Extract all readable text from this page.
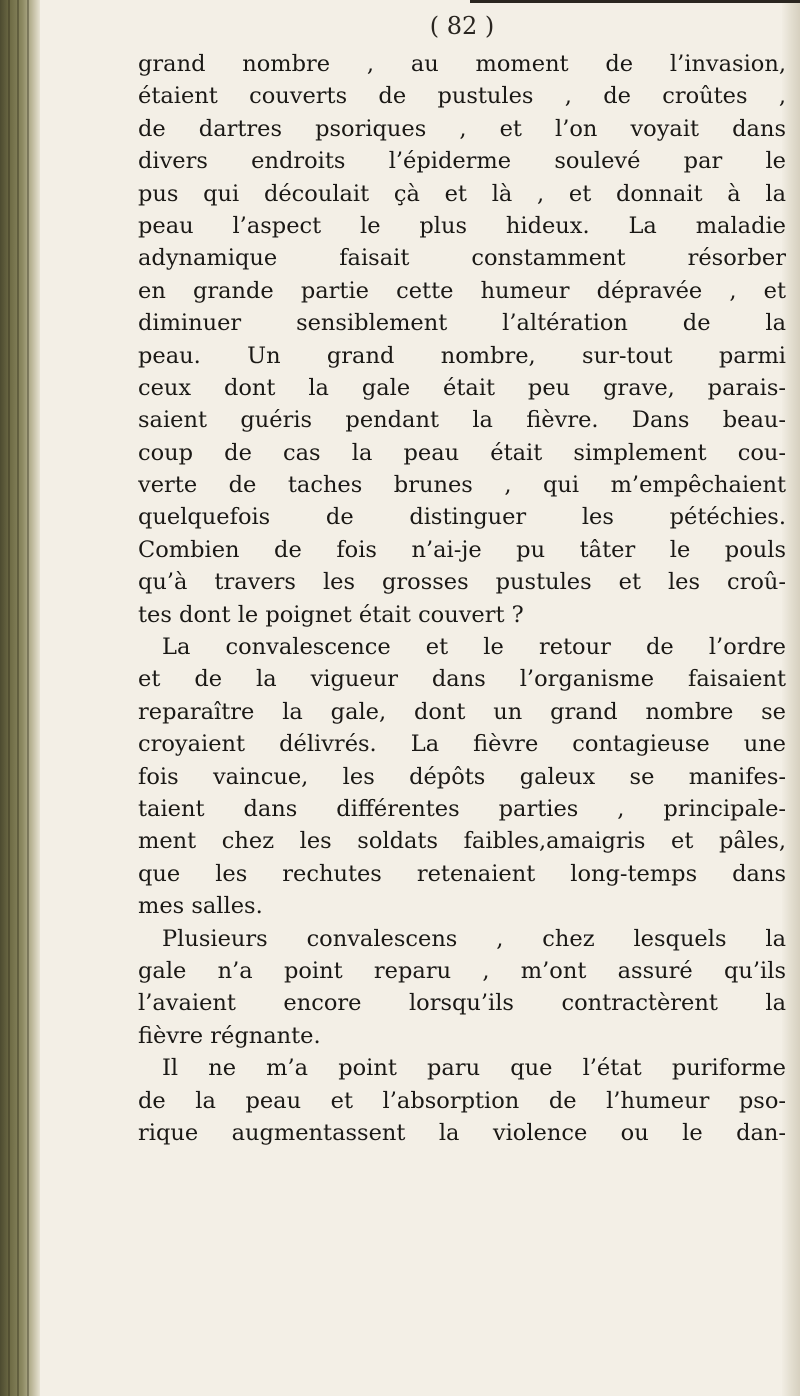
( 82 )
grand nombre , au moment de l’invasion,
étaient couverts de pustules , de croûtes ,
de dartres psoriques , et l’on voyait dans
divers endroits l’épiderme soulevé par le
pus qui découlait çà et là , et donnait à la
peau l’aspect le plus hideux. La maladie
adynamique faisait constamment résorber
en grande partie cette humeur dépravée , et
diminuer sensiblement l’altération de la
peau. Un grand nombre, sur-tout parmi
ceux dont la gale était peu grave, parais-
saient guéris pendant la fièvre. Dans beau-
coup de cas la peau était simplement cou-
verte de taches brunes , qui m’empêchaient
quelquefois de distinguer les pétéchies.
Combien de fois n’ai-je pu tâter le pouls
qu’à travers les grosses pustules et les croû-
tes dont le poignet était couvert ?
La convalescence et le retour de l’ordre
et de la vigueur dans l’organisme faisaient
reparaître la gale, dont un grand nombre se
croyaient délivrés. La fièvre contagieuse une
fois vaincue, les dépôts galeux se manifes-
taient dans différentes parties , principale-
ment chez les soldats faibles,amaigris et pâles,
que les rechutes retenaient long-temps dans
mes salles.
Plusieurs convalescens , chez lesquels la
gale n’a point reparu , m’ont assuré qu’ils
l’avaient encore lorsqu’ils contractèrent la
fièvre régnante.
Il ne m’a point paru que l’état puriforme
de la peau et l’absorption de l’humeur pso-
rique augmentassent la violence ou le dan-
